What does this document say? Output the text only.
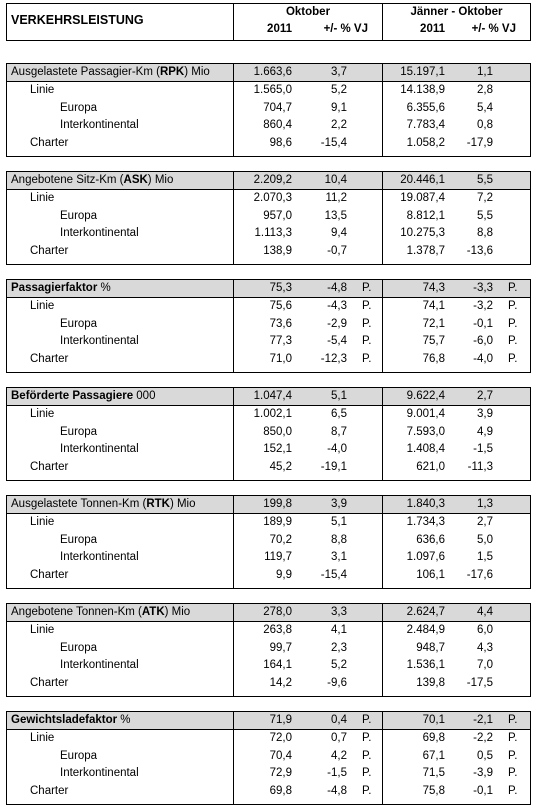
VERKEHRSLEISTUNG
Oktober	Jänner - Oktober
2011	+/- % VJ	2011	+/- % VJ
Ausgelastete Passagier-Km (RPK) Mio	1.663,6	3,7	15.197,1	1,1
Linie	1.565,0	5,2	14.138,9	2,8
Europa	704,7	9,1	6.355,6	5,4
Interkontinental	860,4	2,2	7.783,4	0,8
Charter	98,6	-15,4	1.058,2	-17,9
Angebotene Sitz-Km (ASK) Mio	2.209,2	10,4	20.446,1	5,5
Linie	2.070,3	11,2	19.087,4	7,2
Europa	957,0	13,5	8.812,1	5,5
Interkontinental	1.113,3	9,4	10.275,3	8,8
Charter	138,9	-0,7	1.378,7	-13,6
Passagierfaktor %	75,3	-4,8 P.	74,3	-3,3 P.
Linie	75,6	-4,3 P.	74,1	-3,2 P.
Europa	73,6	-2,9 P.	72,1	-0,1 P.
Interkontinental	77,3	-5,4 P.	75,7	-6,0 P.
Charter	71,0	-12,3 P.	76,8	-4,0 P.
Beförderte Passagiere 000	1.047,4	5,1	9.622,4	2,7
Linie	1.002,1	6,5	9.001,4	3,9
Europa	850,0	8,7	7.593,0	4,9
Interkontinental	152,1	-4,0	1.408,4	-1,5
Charter	45,2	-19,1	621,0	-11,3
Ausgelastete Tonnen-Km (RTK) Mio	199,8	3,9	1.840,3	1,3
Linie	189,9	5,1	1.734,3	2,7
Europa	70,2	8,8	636,6	5,0
Interkontinental	119,7	3,1	1.097,6	1,5
Charter	9,9	-15,4	106,1	-17,6
Angebotene Tonnen-Km (ATK) Mio	278,0	3,3	2.624,7	4,4
Linie	263,8	4,1	2.484,9	6,0
Europa	99,7	2,3	948,7	4,3
Interkontinental	164,1	5,2	1.536,1	7,0
Charter	14,2	-9,6	139,8	-17,5
Gewichtsladefaktor %	71,9	0,4 P.	70,1	-2,1 P.
Linie	72,0	0,7 P.	69,8	-2,2 P.
Europa	70,4	4,2 P.	67,1	0,5 P.
Interkontinental	72,9	-1,5 P.	71,5	-3,9 P.
Charter	69,8	-4,8 P.	75,8	-0,1 P.
